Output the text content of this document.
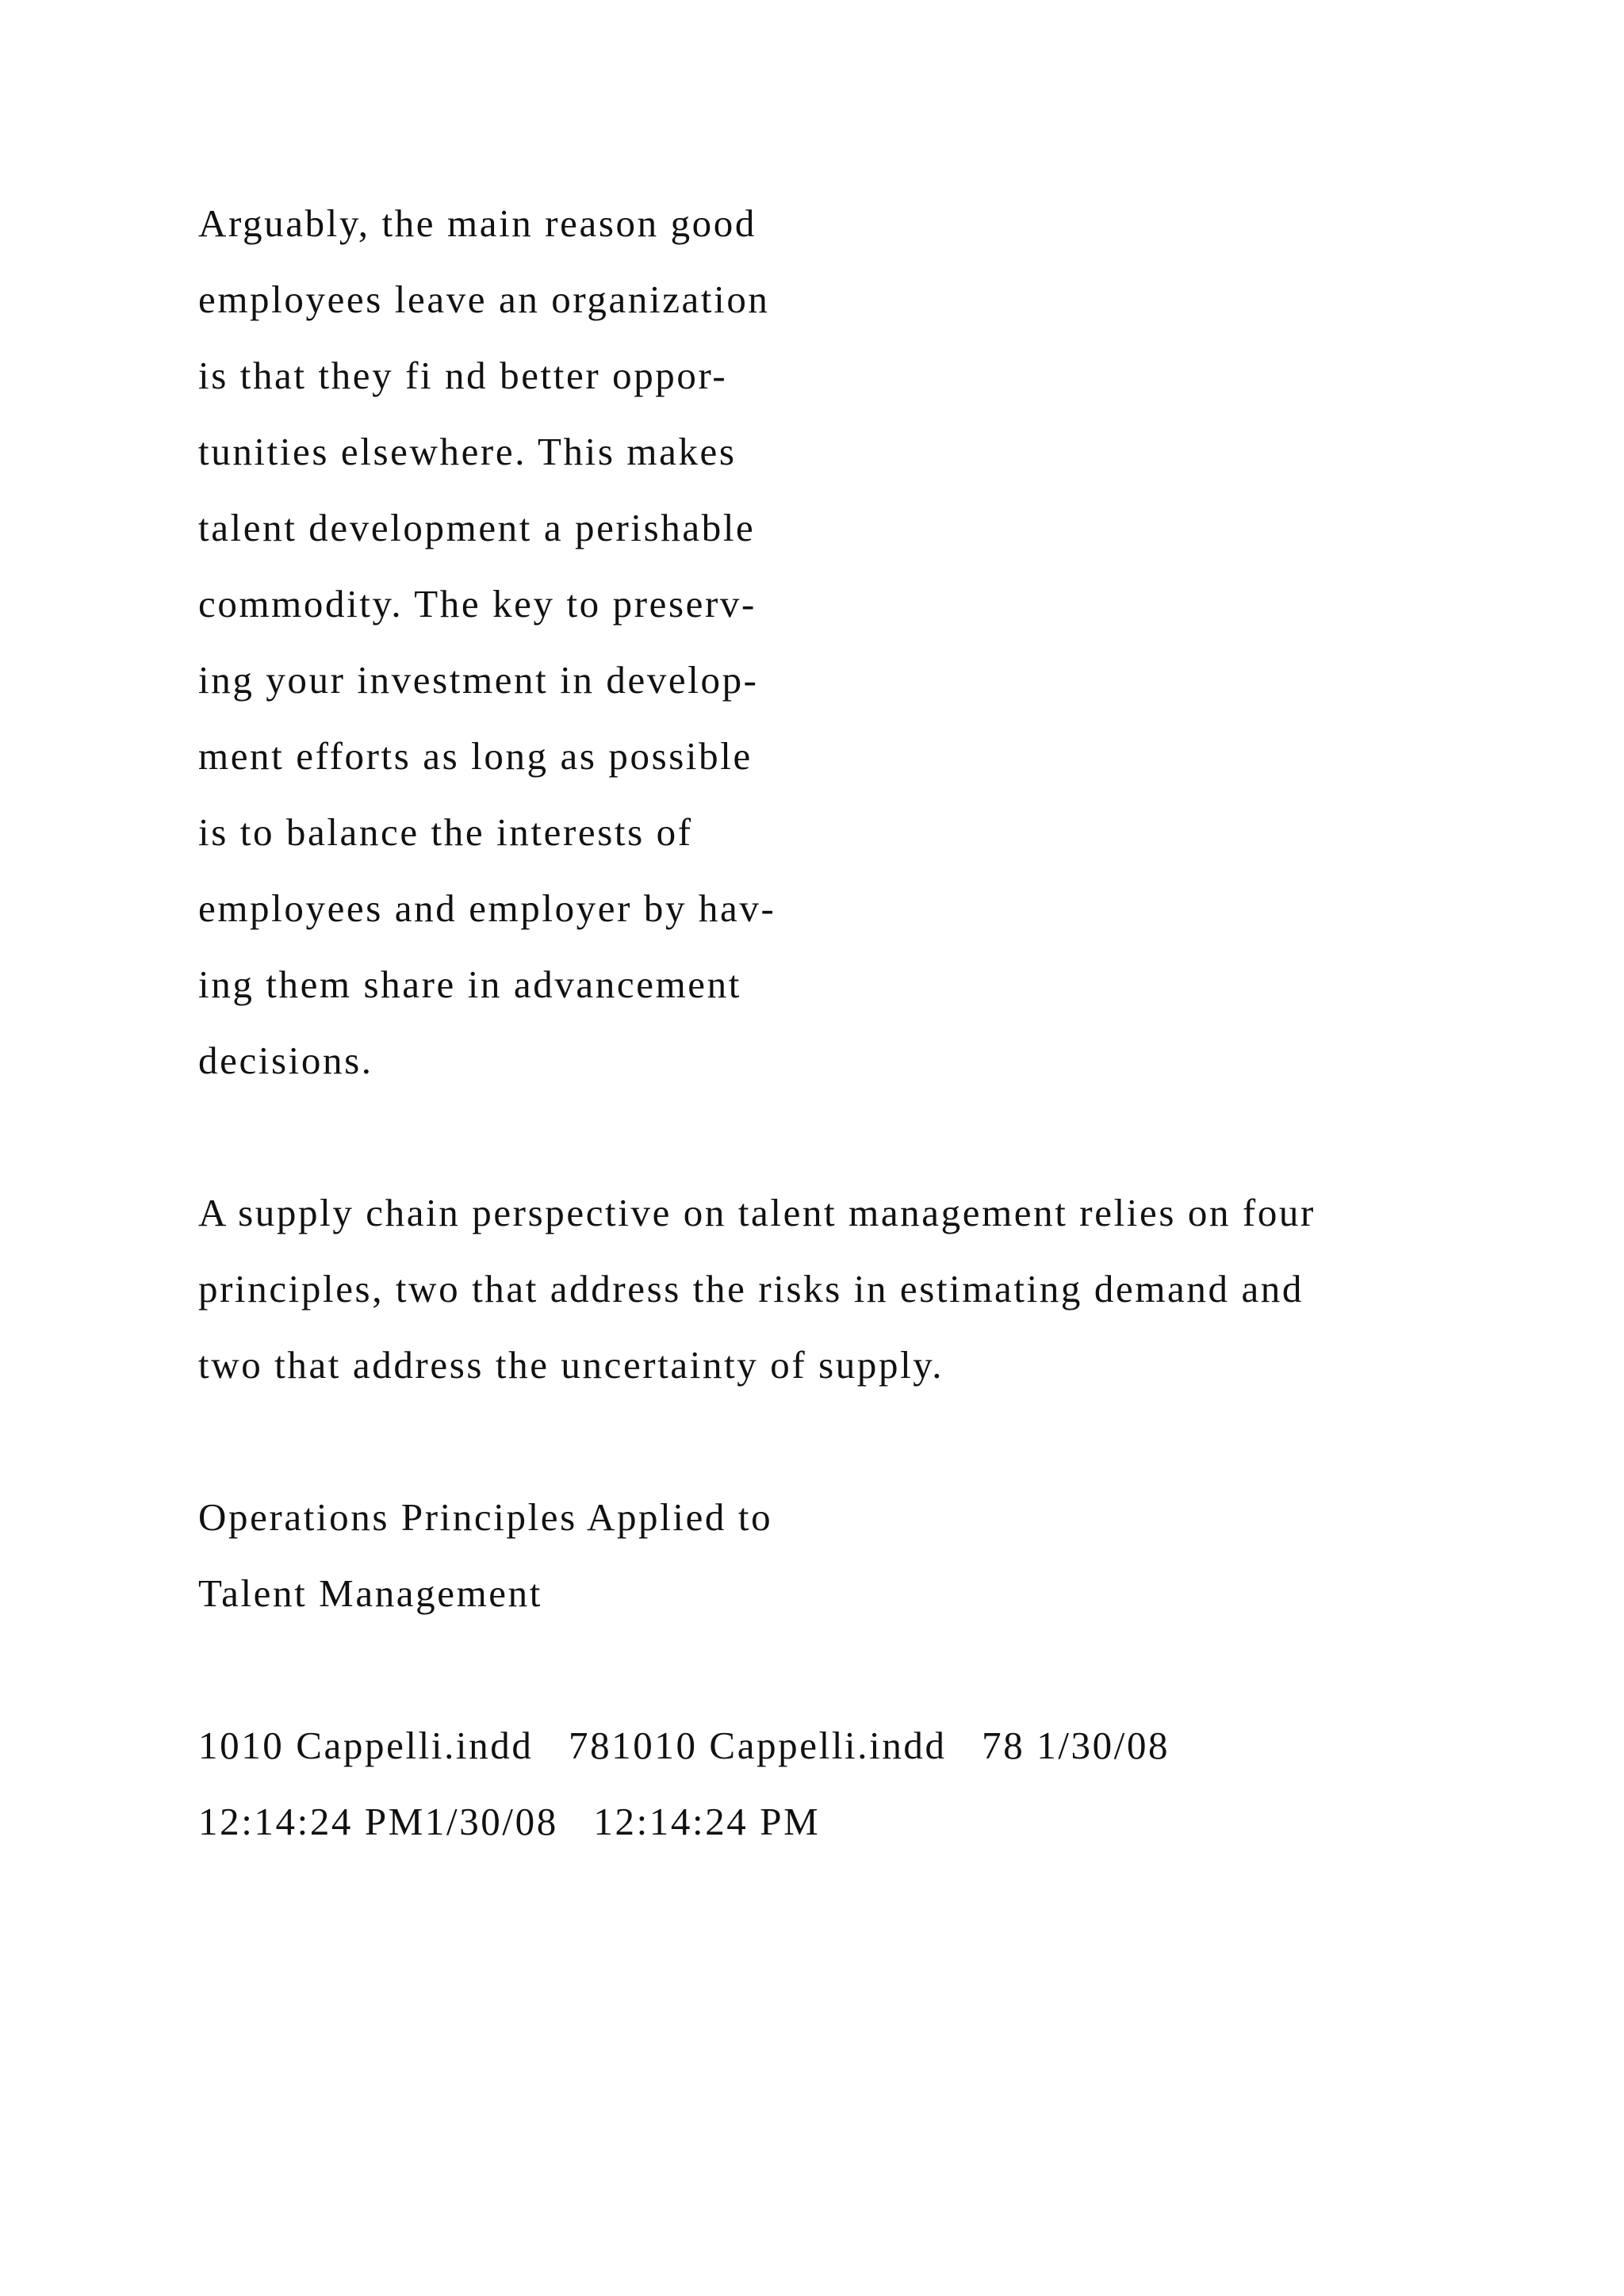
Arguably, the main reason good
employees leave an organization
is that they fi nd better oppor-
tunities elsewhere. This makes
talent development a perishable
commodity. The key to preserv-
ing your investment in develop-
ment efforts as long as possible
is to balance the interests of
employees and employer by hav-
ing them share in advancement
decisions.
A supply chain perspective on talent management relies on four
principles, two that address the risks in estimating demand and
two that address the uncertainty of supply.
Operations Principles Applied to
Talent Management
1010 Cappelli.indd   781010 Cappelli.indd   78 1/30/08
12:14:24 PM1/30/08   12:14:24 PM
